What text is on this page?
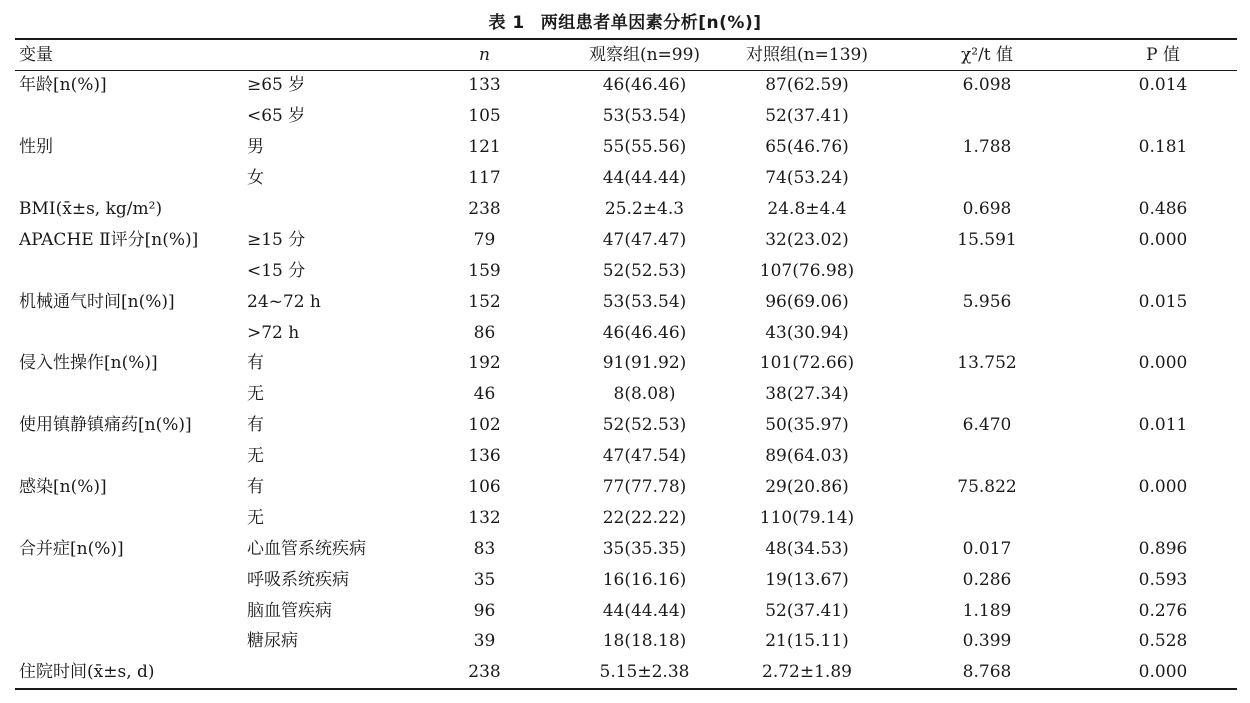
表 1 两组患者单因素分析[n(%)]
变量		n	观察组(n=99)	对照组(n=139)	χ²/t 值	P 值
年龄[n(%)]	≥65 岁	133	46(46.46)	87(62.59)	6.098	0.014
	<65 岁	105	53(53.54)	52(37.41)		
性别	男	121	55(55.56)	65(46.76)	1.788	0.181
	女	117	44(44.44)	74(53.24)		
BMI(x̄±s, kg/m²)		238	25.2±4.3	24.8±4.4	0.698	0.486
APACHE Ⅱ评分[n(%)]	≥15 分	79	47(47.47)	32(23.02)	15.591	0.000
	<15 分	159	52(52.53)	107(76.98)		
机械通气时间[n(%)]	24~72 h	152	53(53.54)	96(69.06)	5.956	0.015
	>72 h	86	46(46.46)	43(30.94)		
侵入性操作[n(%)]	有	192	91(91.92)	101(72.66)	13.752	0.000
	无	46	8(8.08)	38(27.34)		
使用镇静镇痛药[n(%)]	有	102	52(52.53)	50(35.97)	6.470	0.011
	无	136	47(47.54)	89(64.03)		
感染[n(%)]	有	106	77(77.78)	29(20.86)	75.822	0.000
	无	132	22(22.22)	110(79.14)		
合并症[n(%)]	心血管系统疾病	83	35(35.35)	48(34.53)	0.017	0.896
	呼吸系统疾病	35	16(16.16)	19(13.67)	0.286	0.593
	脑血管疾病	96	44(44.44)	52(37.41)	1.189	0.276
	糖尿病	39	18(18.18)	21(15.11)	0.399	0.528
住院时间(x̄±s, d)		238	5.15±2.38	2.72±1.89	8.768	0.000
